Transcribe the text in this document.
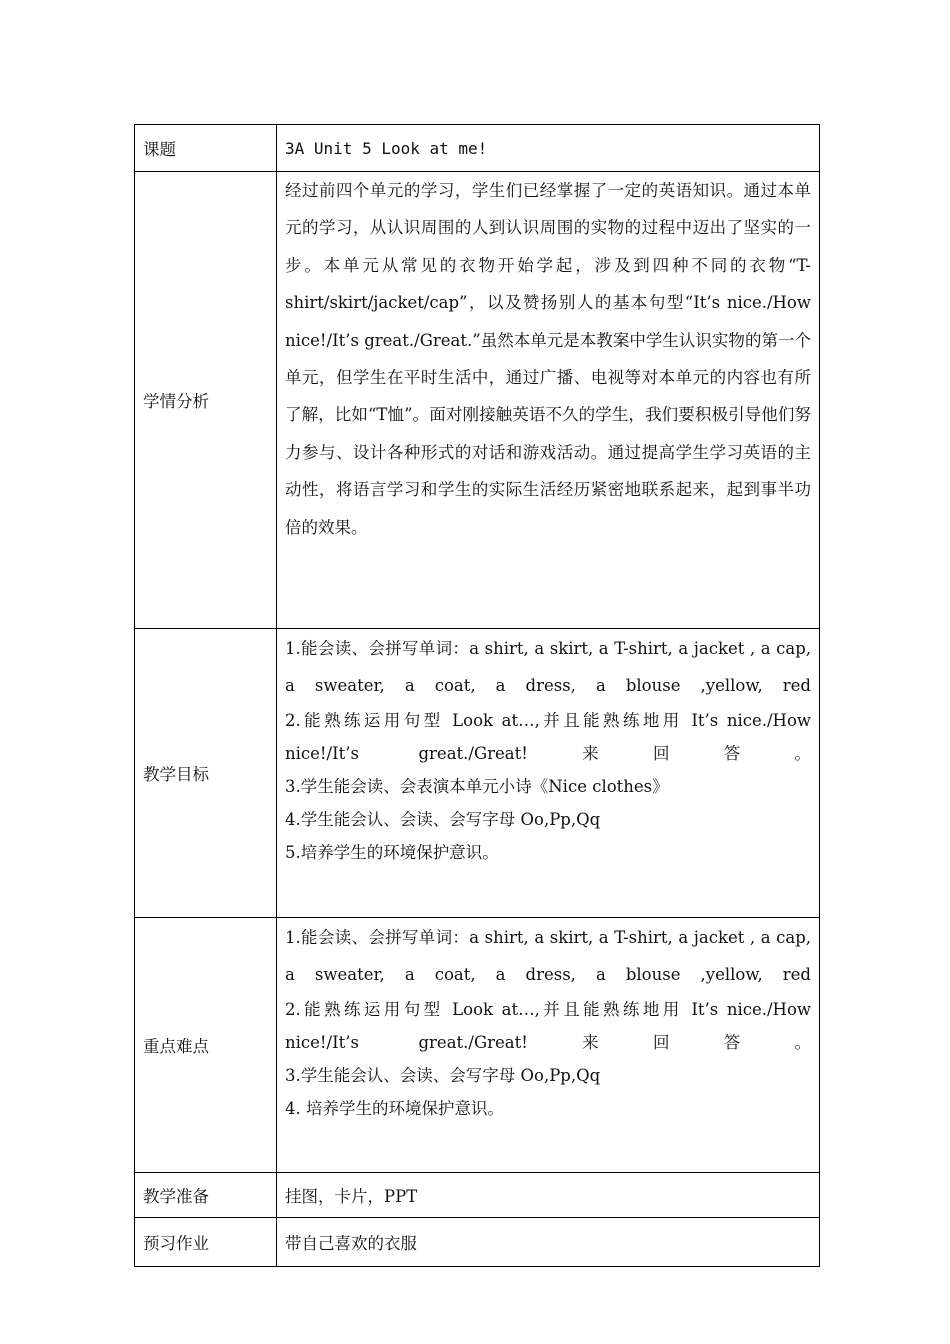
课题	3A Unit 5 Look at me!
学情分析	经过前四个单元的学习，学生们已经掌握了一定的英语知识。通过本单元的学习，从认识周围的人到认识周围的实物的过程中迈出了坚实的一步。本单元从常见的衣物开始学起，涉及到四种不同的衣物“T-shirt/skirt/jacket/cap”，以及赞扬别人的基本句型“It’s nice./How nice!/It’s great./Great.”虽然本单元是本教案中学生认识实物的第一个单元，但学生在平时生活中，通过广播、电视等对本单元的内容也有所了解，比如“T恤”。面对刚接触英语不久的学生，我们要积极引导他们努力参与、设计各种形式的对话和游戏活动。通过提高学生学习英语的主动性，将语言学习和学生的实际生活经历紧密地联系起来，起到事半功倍的效果。
教学目标	1.能会读、会拼写单词：a shirt, a skirt, a T-shirt, a jacket , a cap, a sweater, a coat, a dress, a blouse ,yellow, red
2.能熟练运用句型 Look at…,并且能熟练地用 It’s nice./How nice!/It’s great./Great!来回答。
3.学生能会读、会表演本单元小诗《Nice clothes》
4.学生能会认、会读、会写字母 Oo,Pp,Qq
5.培养学生的环境保护意识。

重点难点	1.能会读、会拼写单词：a shirt, a skirt, a T-shirt, a jacket , a cap, a sweater, a coat, a dress, a blouse ,yellow, red
2.能熟练运用句型 Look at…,并且能熟练地用 It’s nice./How nice!/It’s great./Great!来回答。
3.学生能会认、会读、会写字母 Oo,Pp,Qq
4. 培养学生的环境保护意识。

教学准备	挂图，卡片，PPT
预习作业	带自己喜欢的衣服
